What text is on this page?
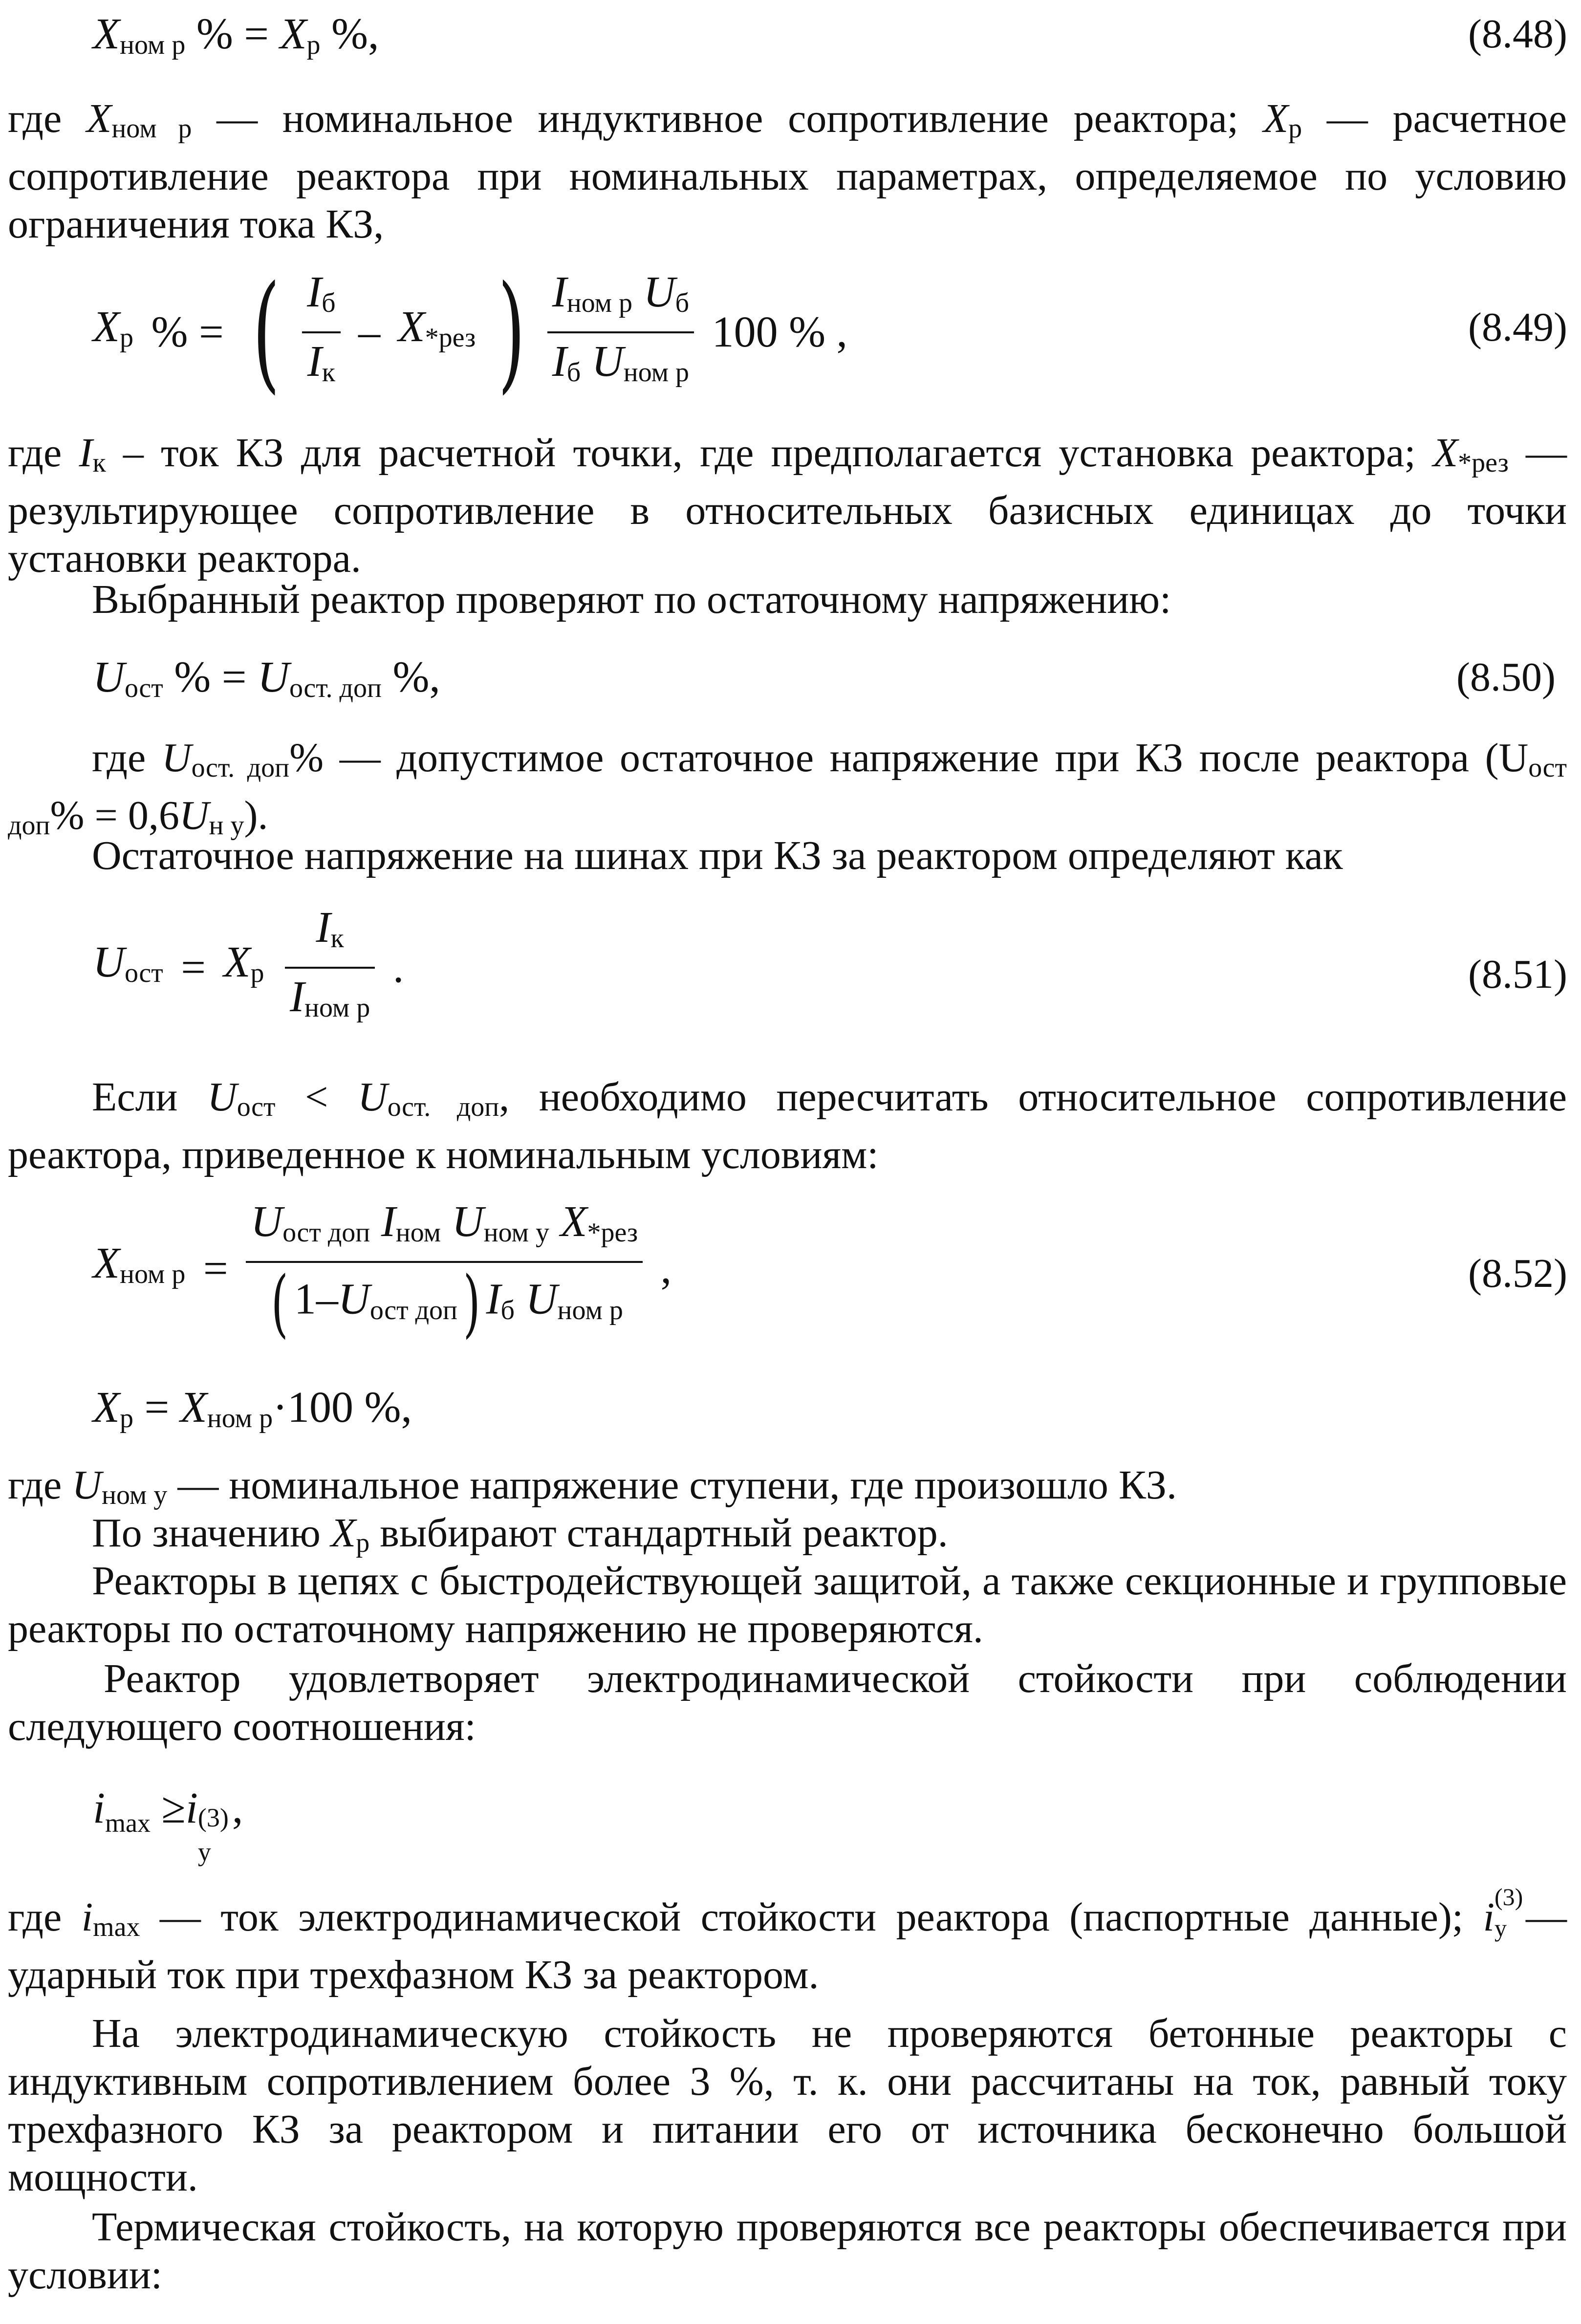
Xном р % = Xр %,	(8.48)

где Xном р — номинальное индуктивное сопротивление реактора; Xр — расчетное сопротивление реактора при номинальных параметрах, определяемое по условию ограничения тока КЗ,

Xр % = ( $\frac{Iб}{Iк} - X*рез$ ) $\frac{\text{Iном р Uб}}{\text{Iб Uном р}} 100$ % ,	(8.49)

где Iк – ток КЗ для расчетной точки, где предполагается установка реактора; X*рез — результирующее сопротивление в относительных базисных единицах до точки установки реактора.

Выбранный реактор проверяют по остаточному напряжению:

Uост % = Uост. доп %,	(8.50)

где Uост. доп% — допустимое остаточное напряжение при КЗ после реактора (Uост доп% = 0,6Uн у).

Остаточное напряжение на шинах при КЗ за реактором определяют как

Uост = Xр $\frac{Iк}{\text{Iном р}}$ .	(8.51)

Если Uост < Uост. доп, необходимо пересчитать относительное сопротивление реактора, приведенное к номинальным условиям:

Xном $р = \frac{\text{Uост доп Iном Uном у X*рез}}{\text{( 1–Uост доп) Iб Uном р}}$ ,	(8.52)
Xр = Xном р·100 %,

где Uном у — номинальное напряжение ступени, где произошло КЗ.

По значению Xр выбирают стандартный реактор.

Реакторы в цепях с быстродействующей защитой, а также секционные и групповые реакторы по остаточному напряжению не проверяются.

Реактор удовлетворяет электродинамической стойкости при соблюдении следующего соотношения:

$i_{max} \ge i$ (3)
у
,

где imax — ток электродинамической стойкости реактора (паспортные данные); i (3)
у — ударный ток при трехфазном КЗ за реактором.

На электродинамическую стойкость не проверяются бетонные реакторы с индуктивным сопротивлением более 3 %, т. к. они рассчитаны на ток, равный току трехфазного КЗ за реактором и питании его от источника бесконечно большой мощности.

Термическая стойкость, на которую проверяются все реакторы обеспечивается при условии:
